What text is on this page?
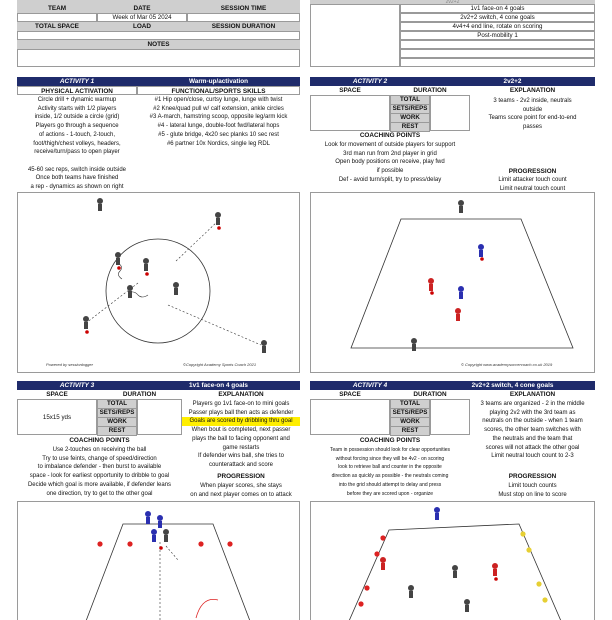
TEAM	DATE	SESSION TIME
Week of Mar 05 2024
TOTAL SPACE	LOAD	SESSION DURATION
NOTES
2v2+2
1v1 face-on 4 goals
2v2+2 switch, 4 cone goals
4v4+4 end line, rotate on scoring
Post-mobility 1
ACTIVITY 1	Warm-up/activation
PHYSICAL ACTIVATION	FUNCTIONAL/SPORTS SKILLS
Circle drill + dynamic warmup
Activity starts with 1/2 players
inside, 1/2 outside a circle (grid)
Players go through a sequence
of actions - 1-touch, 2-touch,
foot/thigh/chest volleys, headers,
receive/turn/pass to open player
45-60 sec reps, switch inside outside
Once both teams have finished
a rep - dynamics as shown on right
#1 Hip open/close, curtsy lunge, lunge with twist
#2 Knee/quad pull w/ calf extension, ankle circles
#3 A-march, hamstring scoop, opposite leg/arm kick
#4 - lateral lunge, double-foot fwd/lateral hops
#5 - glute bridge, 4x20 sec planks 10 sec rest
#6 partner 10x Nordics, single leg RDL
Powered by sessionlogger	©Copyright Academy Sports Coach 2021
ACTIVITY 2	2v2+2
SPACE	DURATION	EXPLANATION
TOTAL
SETS/REPS
WORK
REST
3 teams - 2v2 inside, neutrals
outside
Teams score point for end-to-end
passes
COACHING POINTS
Look for movement of outside players for support
3rd man run from 2nd player in grid
Open body positions on receive, play fwd
if possible
Def - avoid turn/split, try to press/delay
PROGRESSION
Limit attacker touch count
Limit neutral touch count
© Copyright www.academysoccercoach.co.uk 2019
ACTIVITY 3	1v1 face-on 4 goals
SPACE	DURATION	EXPLANATION
15x15 yds
TOTAL
SETS/REPS
WORK
REST
Players go 1v1 face-on to mini goals
Passer plays ball then acts as defender
Goals are scored by dribbling thru goal
When bout is completed, next passer
plays the ball to facing opponent and
game restarts
If defender wins ball, she tries to
counterattack and score
COACHING POINTS
Use 2-touches on receiving the ball
Try to use feints, change of speed/direction
to imbalance defender - then burst to available
space - look for earliest opportunity to dribble to goal
Decide which goal is more available, if defender leans
one direction, try to get to the other goal
PROGRESSION
When player scores, she stays
on and next player comes on to attack
ACTIVITY 4	2v2+2 switch, 4 cone goals
SPACE	DURATION	EXPLANATION
TOTAL
SETS/REPS
WORK
REST
3 teams are organized - 2 in the middle
playing 2v2 with the 3rd team as
neutrals on the outside - when 1 team
scores, the other team switches with
the neutrals and the team that
scores will not attack the other goal
Limit neutral touch count to 2-3
COACHING POINTS
Team in possession should look for clear opportunities
without forcing since they will be 4v2 - on scoring
look to retrieve ball and counter in the opposite
direction as quickly as possible - the neutrals coming
into the grid should attempt to delay and press
before they are scored upon - organize
PROGRESSION
Limit touch counts
Must stop on line to score
